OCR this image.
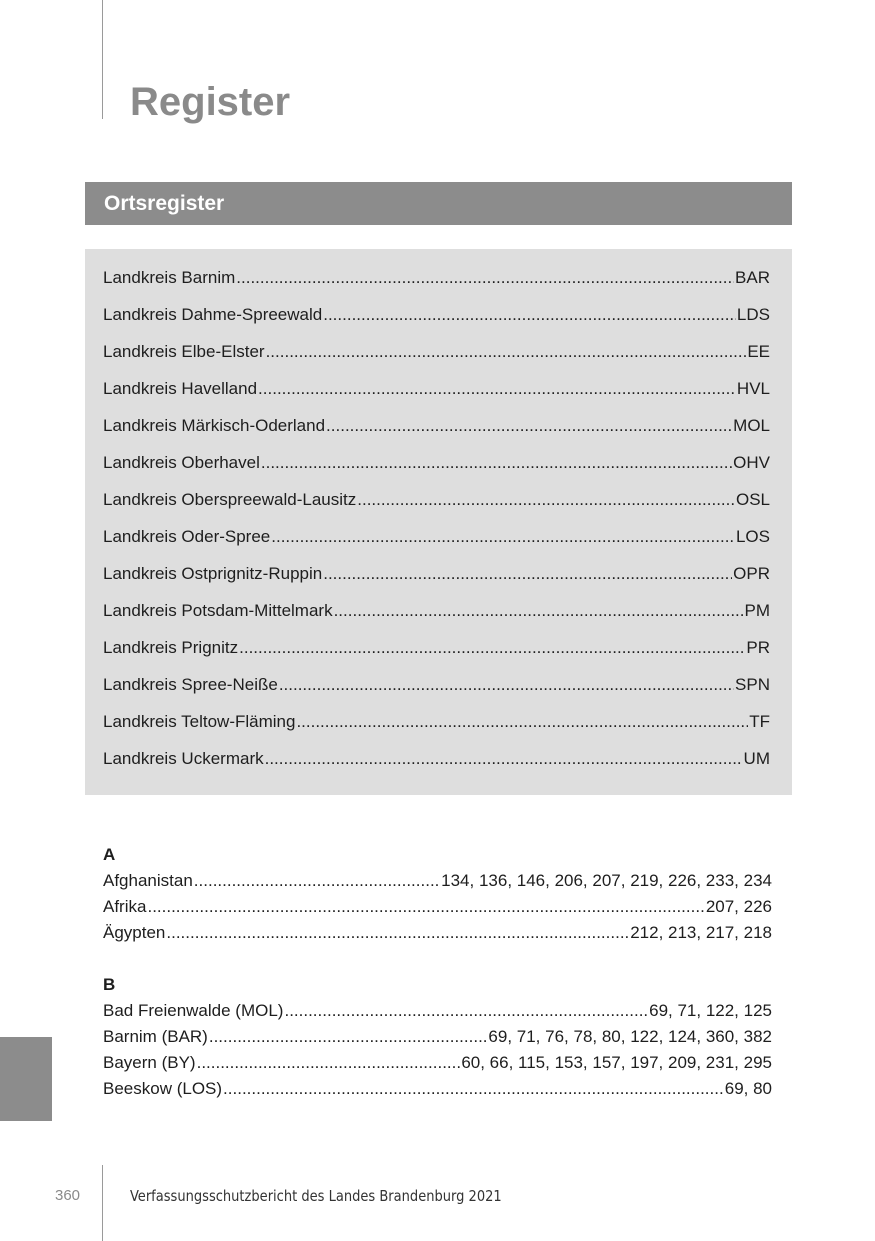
Register
Ortsregister
Landkreis Barnim .....	BAR
Landkreis Dahme-Spreewald .....	LDS
Landkreis Elbe-Elster .....	EE
Landkreis Havelland .....	HVL
Landkreis Märkisch-Oderland .....	MOL
Landkreis Oberhavel .....	OHV
Landkreis Oberspreewald-Lausitz .....	OSL
Landkreis Oder-Spree .....	LOS
Landkreis Ostprignitz-Ruppin .....	OPR
Landkreis Potsdam-Mittelmark .....	PM
Landkreis Prignitz .....	PR
Landkreis Spree-Neiße .....	SPN
Landkreis Teltow-Fläming .....	TF
Landkreis Uckermark .....	UM
A
Afghanistan .....	134, 136, 146, 206, 207, 219, 226, 233, 234
Afrika .....	207, 226
Ägypten .....	212, 213, 217, 218
B
Bad Freienwalde (MOL) .....	69, 71, 122, 125
Barnim (BAR) .....	69, 71, 76, 78, 80, 122, 124, 360, 382
Bayern (BY) .....	60, 66, 115, 153, 157, 197, 209, 231, 295
Beeskow (LOS) .....	69, 80
360	Verfassungsschutzbericht des Landes Brandenburg 2021
